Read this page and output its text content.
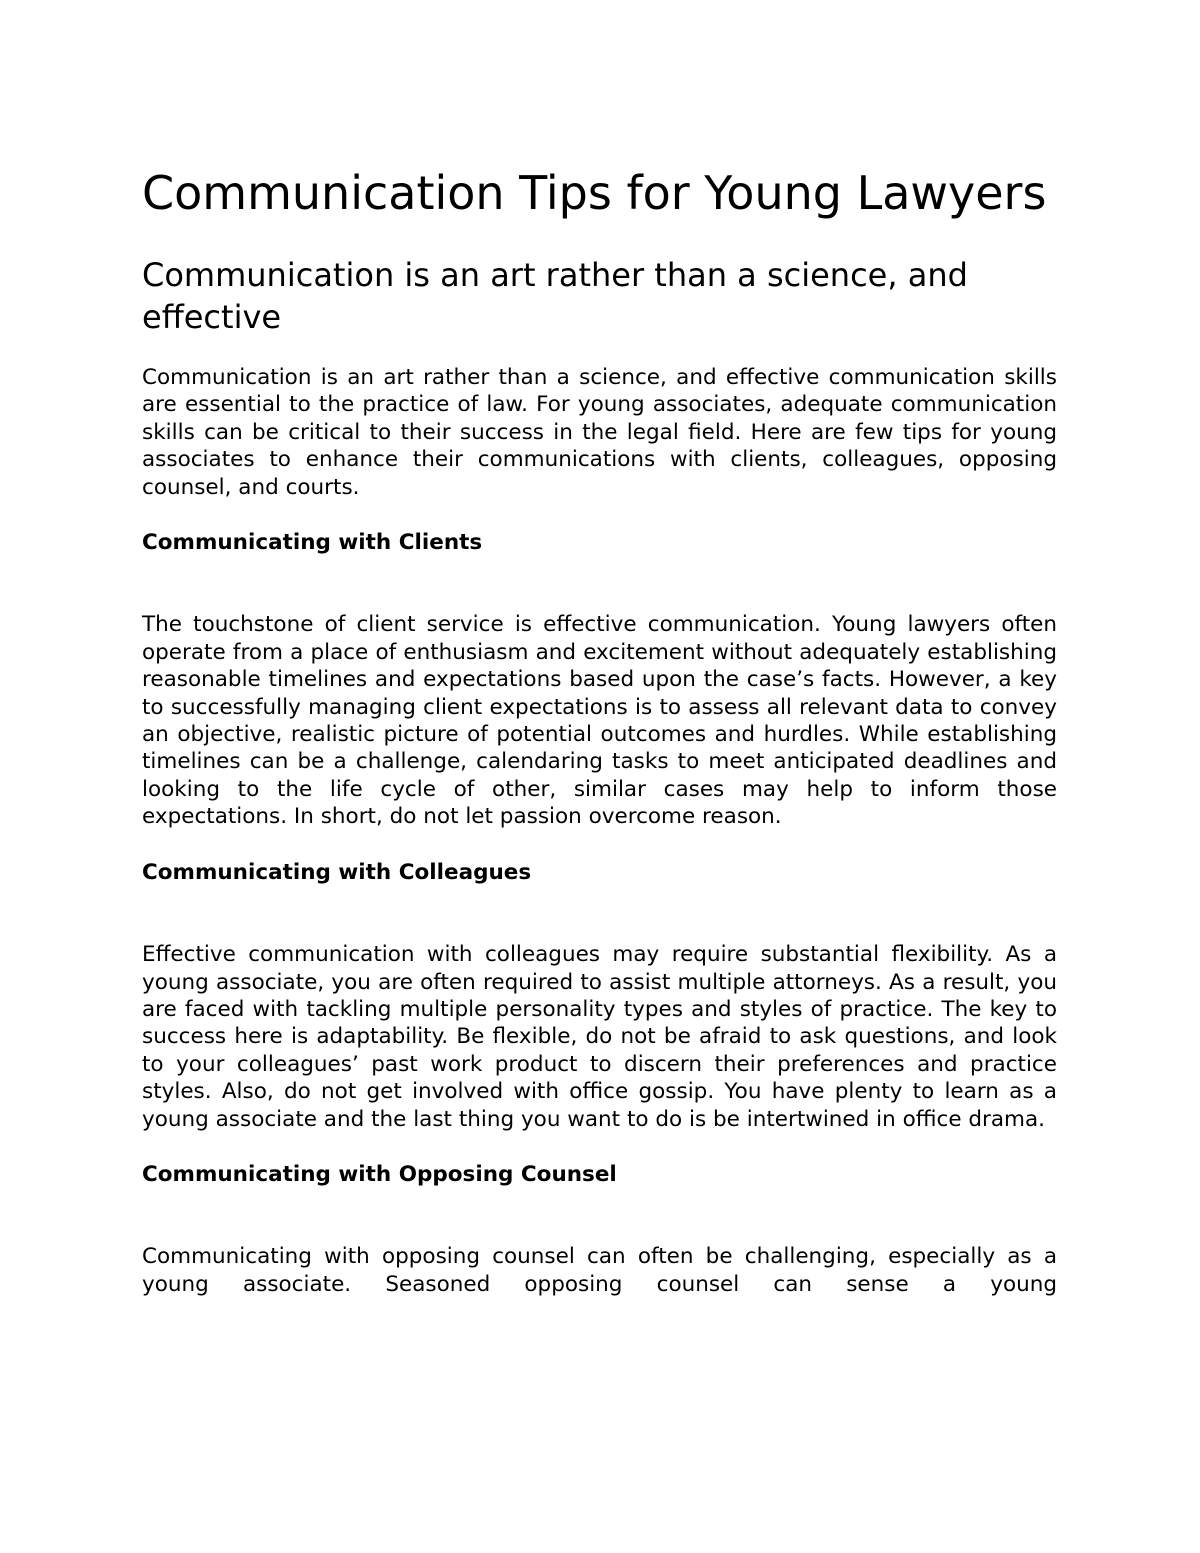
Communication Tips for Young Lawyers
Communication is an art rather than a science, and effective

Communication is an art rather than a science, and effective communication skills are essential to the practice of law. For young associates, adequate communication skills can be critical to their success in the legal field. Here are few tips for young associates to enhance their communications with clients, colleagues, opposing counsel, and courts.

Communicating with Clients

The touchstone of client service is effective communication. Young lawyers often operate from a place of enthusiasm and excitement without adequately establishing reasonable timelines and expectations based upon the case’s facts. However, a key to successfully managing client expectations is to assess all relevant data to convey an objective, realistic picture of potential outcomes and hurdles. While establishing timelines can be a challenge, calendaring tasks to meet anticipated deadlines and looking to the life cycle of other, similar cases may help to inform those expectations. In short, do not let passion overcome reason.

Communicating with Colleagues

Effective communication with colleagues may require substantial flexibility. As a young associate, you are often required to assist multiple attorneys. As a result, you are faced with tackling multiple personality types and styles of practice. The key to success here is adaptability. Be flexible, do not be afraid to ask questions, and look to your colleagues’ past work product to discern their preferences and practice styles. Also, do not get involved with office gossip. You have plenty to learn as a young associate and the last thing you want to do is be intertwined in office drama.

Communicating with Opposing Counsel

Communicating with opposing counsel can often be challenging, especially as a young associate. Seasoned opposing counsel can sense a young
